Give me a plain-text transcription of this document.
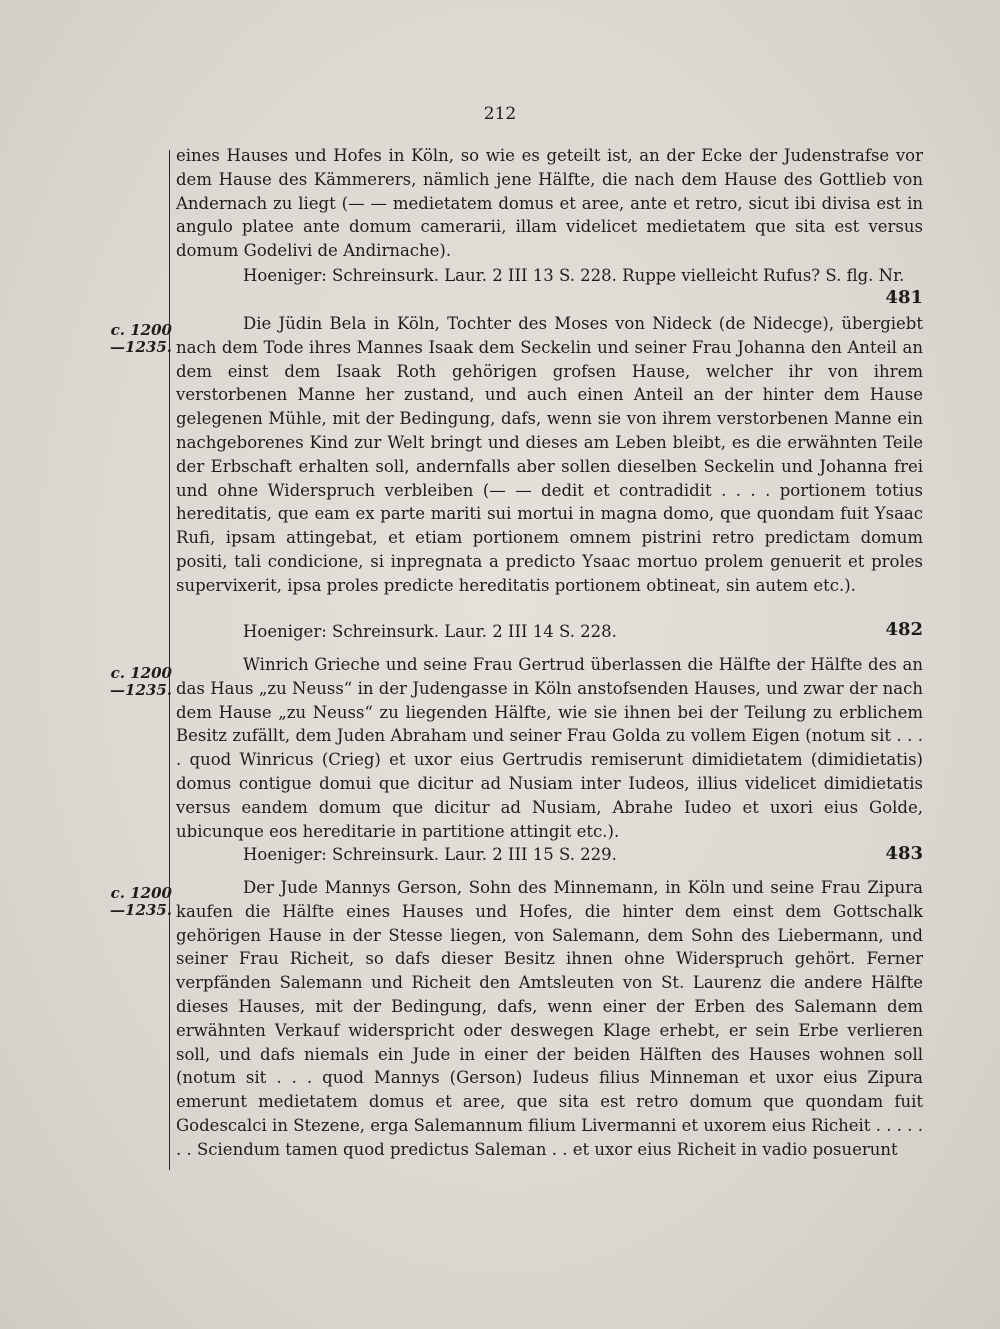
212

eines Hauses und Hofes in Köln, so wie es geteilt ist, an der Ecke der Judenstrafse vor dem Hause des Kämmerers, nämlich jene Hälfte, die nach dem Hause des Gottlieb von Andernach zu liegt (— — medietatem domus et aree, ante et retro, sicut ibi divisa est in angulo platee ante domum camerarii, illam videlicet medietatem que sita est versus domum Godelivi de Andirnache).

Hoeniger: Schreinsurk. Laur. 2 III 13 S. 228. Ruppe vielleicht Rufus? S. flg. Nr.
481
c. 1200
—1235.

Die Jüdin Bela in Köln, Tochter des Moses von Nideck (de Nidecge), übergiebt nach dem Tode ihres Mannes Isaak dem Seckelin und seiner Frau Johanna den Anteil an dem einst dem Isaak Roth gehörigen grofsen Hause, welcher ihr von ihrem verstorbenen Manne her zustand, und auch einen Anteil an der hinter dem Hause gelegenen Mühle, mit der Bedingung, dafs, wenn sie von ihrem verstorbenen Manne ein nachgeborenes Kind zur Welt bringt und dieses am Leben bleibt, es die erwähnten Teile der Erbschaft erhalten soll, andernfalls aber sollen dieselben Seckelin und Johanna frei und ohne Widerspruch verbleiben (— — dedit et contradidit . . . . portionem totius hereditatis, que eam ex parte mariti sui mortui in magna domo, que quondam fuit Ysaac Rufi, ipsam attingebat, et etiam portionem omnem pistrini retro predictam domum positi, tali condicione, si inpregnata a predicto Ysaac mortuo prolem genuerit et proles supervixerit, ipsa proles predicte hereditatis portionem obtineat, sin autem etc.).

Hoeniger: Schreinsurk. Laur. 2 III 14 S. 228.	482
c. 1200
—1235.

Winrich Grieche und seine Frau Gertrud überlassen die Hälfte der Hälfte des an das Haus „zu Neuss“ in der Judengasse in Köln anstofsenden Hauses, und zwar der nach dem Hause „zu Neuss“ zu liegenden Hälfte, wie sie ihnen bei der Teilung zu erblichem Besitz zufällt, dem Juden Abraham und seiner Frau Golda zu vollem Eigen (notum sit . . . . quod Winricus (Crieg) et uxor eius Gertrudis remiserunt dimidietatem (dimidietatis) domus contigue domui que dicitur ad Nusiam inter Iudeos, illius videlicet dimidietatis versus eandem domum que dicitur ad Nusiam, Abrahe Iudeo et uxori eius Golde, ubicunque eos hereditarie in partitione attingit etc.).

Hoeniger: Schreinsurk. Laur. 2 III 15 S. 229.	483
c. 1200
—1235.

Der Jude Mannys Gerson, Sohn des Minnemann, in Köln und seine Frau Zipura kaufen die Hälfte eines Hauses und Hofes, die hinter dem einst dem Gottschalk gehörigen Hause in der Stesse liegen, von Salemann, dem Sohn des Liebermann, und seiner Frau Richeit, so dafs dieser Besitz ihnen ohne Widerspruch gehört. Ferner verpfänden Salemann und Richeit den Amtsleuten von St. Laurenz die andere Hälfte dieses Hauses, mit der Bedingung, dafs, wenn einer der Erben des Salemann dem erwähnten Verkauf widerspricht oder deswegen Klage erhebt, er sein Erbe verlieren soll, und dafs niemals ein Jude in einer der beiden Hälften des Hauses wohnen soll (notum sit . . . quod Mannys (Gerson) Iudeus filius Minneman et uxor eius Zipura emerunt medietatem domus et aree, que sita est retro domum que quondam fuit Godescalci in Stezene, erga Salemannum filium Livermanni et uxorem eius Richeit . . . . . . . Sciendum tamen quod predictus Saleman . . et uxor eius Richeit in vadio posuerunt
